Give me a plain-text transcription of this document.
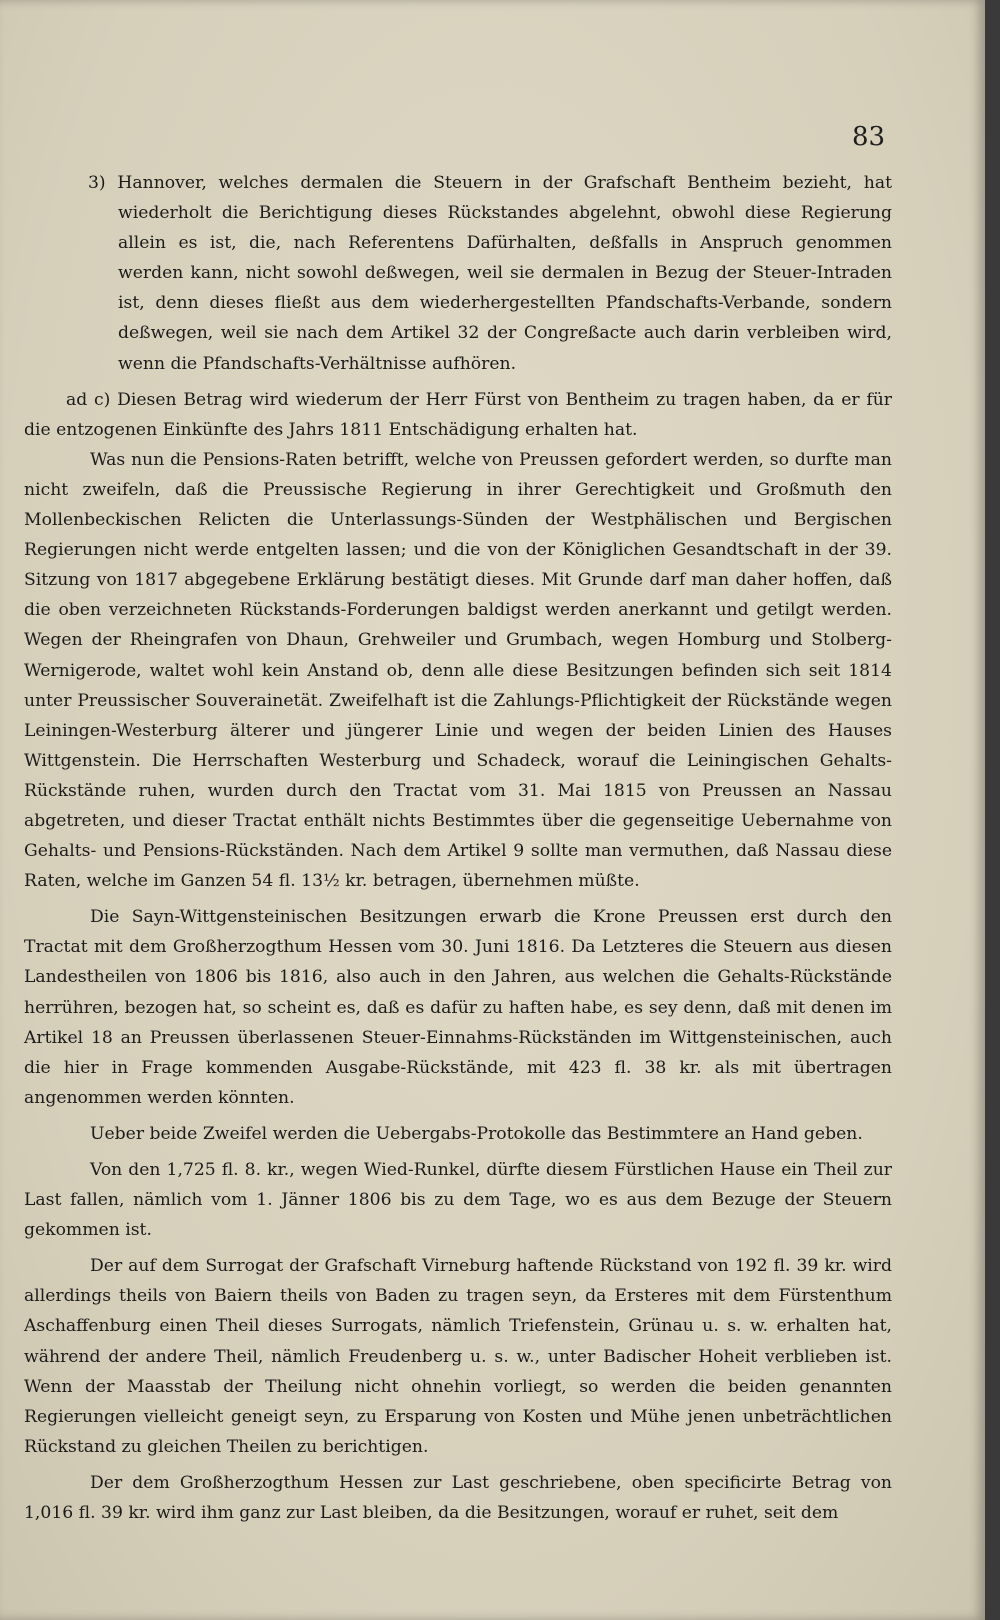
83

3) Hannover, welches dermalen die Steuern in der Grafschaft Bentheim bezieht, hat wiederholt die Berichtigung dieses Rückstandes abgelehnt, obwohl diese Regierung allein es ist, die, nach Referentens Dafürhalten, deßfalls in Anspruch genommen werden kann, nicht sowohl deßwegen, weil sie dermalen in Bezug der Steuer-Intraden ist, denn dieses fließt aus dem wiederhergestellten Pfandschafts-Verbande, sondern deßwegen, weil sie nach dem Artikel 32 der Congreßacte auch darin verbleiben wird, wenn die Pfandschafts-Verhältnisse aufhören.

ad c) Diesen Betrag wird wiederum der Herr Fürst von Bentheim zu tragen haben, da er für die entzogenen Einkünfte des Jahrs 1811 Entschädigung erhalten hat.

Was nun die Pensions-Raten betrifft, welche von Preussen gefordert werden, so durfte man nicht zweifeln, daß die Preussische Regierung in ihrer Gerechtigkeit und Großmuth den Mollenbeckischen Relicten die Unterlassungs-Sünden der Westphälischen und Bergischen Regierungen nicht werde entgelten lassen; und die von der Königlichen Gesandtschaft in der 39. Sitzung von 1817 abgegebene Erklärung bestätigt dieses. Mit Grunde darf man daher hoffen, daß die oben verzeichneten Rückstands-Forderungen baldigst werden anerkannt und getilgt werden. Wegen der Rheingrafen von Dhaun, Grehweiler und Grumbach, wegen Homburg und Stolberg-Wernigerode, waltet wohl kein Anstand ob, denn alle diese Besitzungen befinden sich seit 1814 unter Preussischer Souverainetät. Zweifelhaft ist die Zahlungs-Pflichtigkeit der Rückstände wegen Leiningen-Westerburg älterer und jüngerer Linie und wegen der beiden Linien des Hauses Wittgenstein. Die Herrschaften Westerburg und Schadeck, worauf die Leiningischen Gehalts-Rückstände ruhen, wurden durch den Tractat vom 31. Mai 1815 von Preussen an Nassau abgetreten, und dieser Tractat enthält nichts Bestimmtes über die gegenseitige Uebernahme von Gehalts- und Pensions-Rückständen. Nach dem Artikel 9 sollte man vermuthen, daß Nassau diese Raten, welche im Ganzen 54 fl. 13½ kr. betragen, übernehmen müßte.

Die Sayn-Wittgensteinischen Besitzungen erwarb die Krone Preussen erst durch den Tractat mit dem Großherzogthum Hessen vom 30. Juni 1816. Da Letzteres die Steuern aus diesen Landestheilen von 1806 bis 1816, also auch in den Jahren, aus welchen die Gehalts-Rückstände herrühren, bezogen hat, so scheint es, daß es dafür zu haften habe, es sey denn, daß mit denen im Artikel 18 an Preussen überlassenen Steuer-Einnahms-Rückständen im Wittgensteinischen, auch die hier in Frage kommenden Ausgabe-Rückstände, mit 423 fl. 38 kr. als mit übertragen angenommen werden könnten.

Ueber beide Zweifel werden die Uebergabs-Protokolle das Bestimmtere an Hand geben.

Von den 1,725 fl. 8. kr., wegen Wied-Runkel, dürfte diesem Fürstlichen Hause ein Theil zur Last fallen, nämlich vom 1. Jänner 1806 bis zu dem Tage, wo es aus dem Bezuge der Steuern gekommen ist.

Der auf dem Surrogat der Grafschaft Virneburg haftende Rückstand von 192 fl. 39 kr. wird allerdings theils von Baiern theils von Baden zu tragen seyn, da Ersteres mit dem Fürstenthum Aschaffenburg einen Theil dieses Surrogats, nämlich Triefenstein, Grünau u. s. w. erhalten hat, während der andere Theil, nämlich Freudenberg u. s. w., unter Badischer Hoheit verblieben ist. Wenn der Maasstab der Theilung nicht ohnehin vorliegt, so werden die beiden genannten Regierungen vielleicht geneigt seyn, zu Ersparung von Kosten und Mühe jenen unbeträchtlichen Rückstand zu gleichen Theilen zu berichtigen.

Der dem Großherzogthum Hessen zur Last geschriebene, oben specificirte Betrag von 1,016 fl. 39 kr. wird ihm ganz zur Last bleiben, da die Besitzungen, worauf er ruhet, seit dem
